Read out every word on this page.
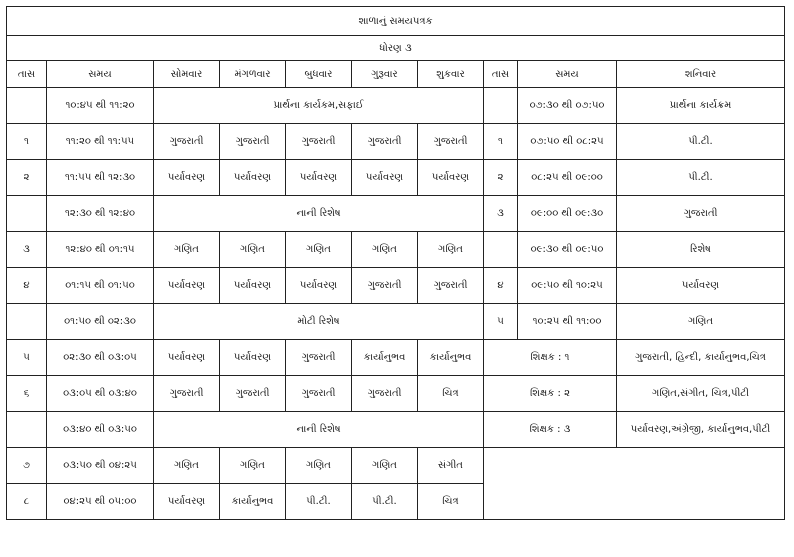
શાળાનું સમયપત્રક									
ધોરણ ૩									
તાસ	સમય	સોમવાર	મંગળવાર	બુધવાર	ગુરૂવાર	શુકવાર	તાસ	સમય	શનિવાર
	૧૦:૪૫ થી ૧૧:૨૦	પ્રાર્થના કાર્યકમ,સફાઈ						૦૭:૩૦ થી ૦૭:૫૦	પ્રાર્થના કાર્યક્રમ
૧	૧૧:૨૦ થી ૧૧:૫૫	ગુજરાતી	ગુજરાતી	ગુજરાતી	ગુજરાતી	ગુજરાતી	૧	૦૭:૫૦ થી ૦૮:૨૫	પી.ટી.
૨	૧૧:૫૫ થી ૧૨:૩૦	પર્યાવરણ	પર્યાવરણ	પર્યાવરણ	પર્યાવરણ	પર્યાવરણ	૨	૦૮:૨૫ થી ૦૯:૦૦	પી.ટી.
	૧૨:૩૦ થી ૧૨:૪૦	નાની રિશેષ					૩	૦૯:૦૦ થી ૦૯:૩૦	ગુજરાતી
૩	૧૨:૪૦ થી ૦૧:૧૫	ગણિત	ગણિત	ગણિત	ગણિત	ગણિત		૦૯:૩૦ થી ૦૯:૫૦	રિશેષ
૪	૦૧:૧૫ થી ૦૧:૫૦	પર્યાવરણ	પર્યાવરણ	પર્યાવરણ	ગુજરાતી	ગુજરાતી	૪	૦૯:૫૦ થી ૧૦:૨૫	પર્યાવરણ
	૦૧:૫૦ થી ૦૨:૩૦	મોટી રિશેષ					૫	૧૦:૨૫ થી ૧૧:૦૦	ગણિત
૫	૦૨:૩૦ થી ૦૩:૦૫	પર્યાવરણ	પર્યાવરણ	ગુજરાતી	કાર્યાનુભવ	કાર્યાનુભવ	શિક્ષક : ૧		ગુજરાતી, હિન્દી, કાર્યાનુભવ,ચિત્ર
૬	૦૩:૦૫ થી ૦૩:૪૦	ગુજરાતી	ગુજરાતી	ગુજરાતી	ગુજરાતી	ચિત્ર	શિક્ષક : ૨		ગણિત,સંગીત, ચિત્ર,પીટી
	૦૩:૪૦ થી ૦૩:૫૦	નાની રિશેષ					શિક્ષક : ૩		પર્યાવરણ,અંગ્રેજી, કાર્યાનુભવ,પીટી
૭	૦૩:૫૦ થી ૦૪:૨૫	ગણિત	ગણિત	ગણિત	ગણિત	સંગીત			
૮	૦૪:૨૫ થી ૦૫:૦૦	પર્યાવરણ	કાર્યાનુભવ	પી.ટી.	પી.ટી.	ચિત્ર			
